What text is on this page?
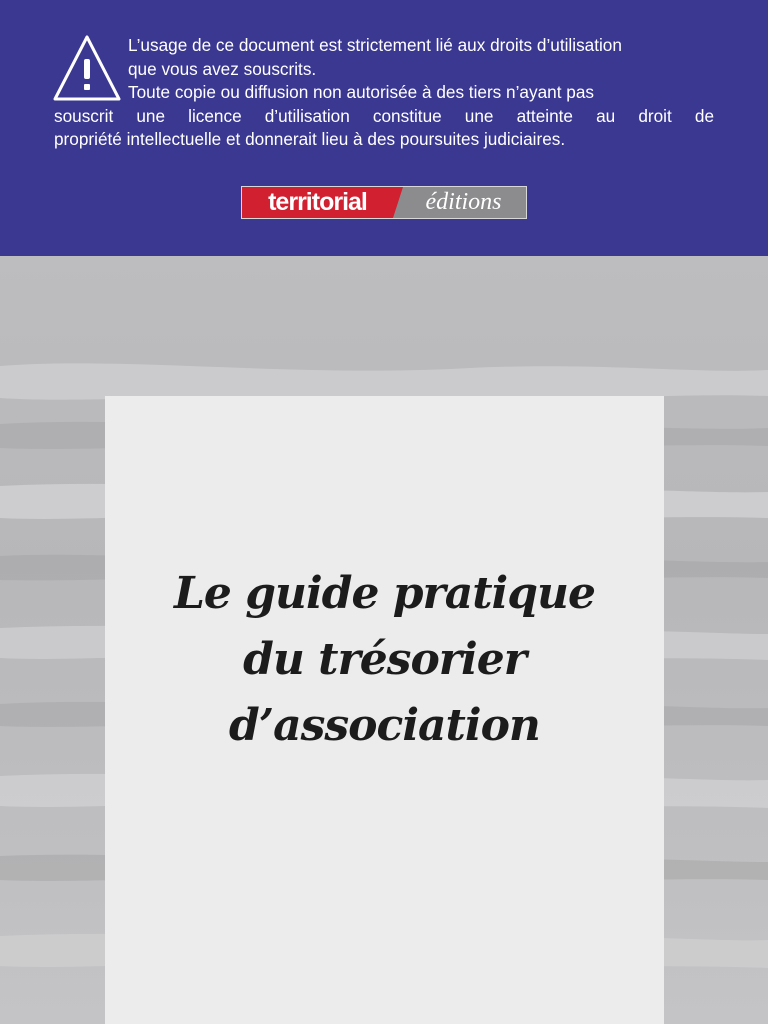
L’usage de ce document est strictement lié aux droits d’utilisation
que vous avez souscrits.
Toute copie ou diffusion non autorisée à des tiers n’ayant pas
souscrit une licence d’utilisation constitue une atteinte au droit de
propriété intellectuelle et donnerait lieu à des poursuites judiciaires.
territorial éditions
Le guide pratique
du trésorier
d’association
